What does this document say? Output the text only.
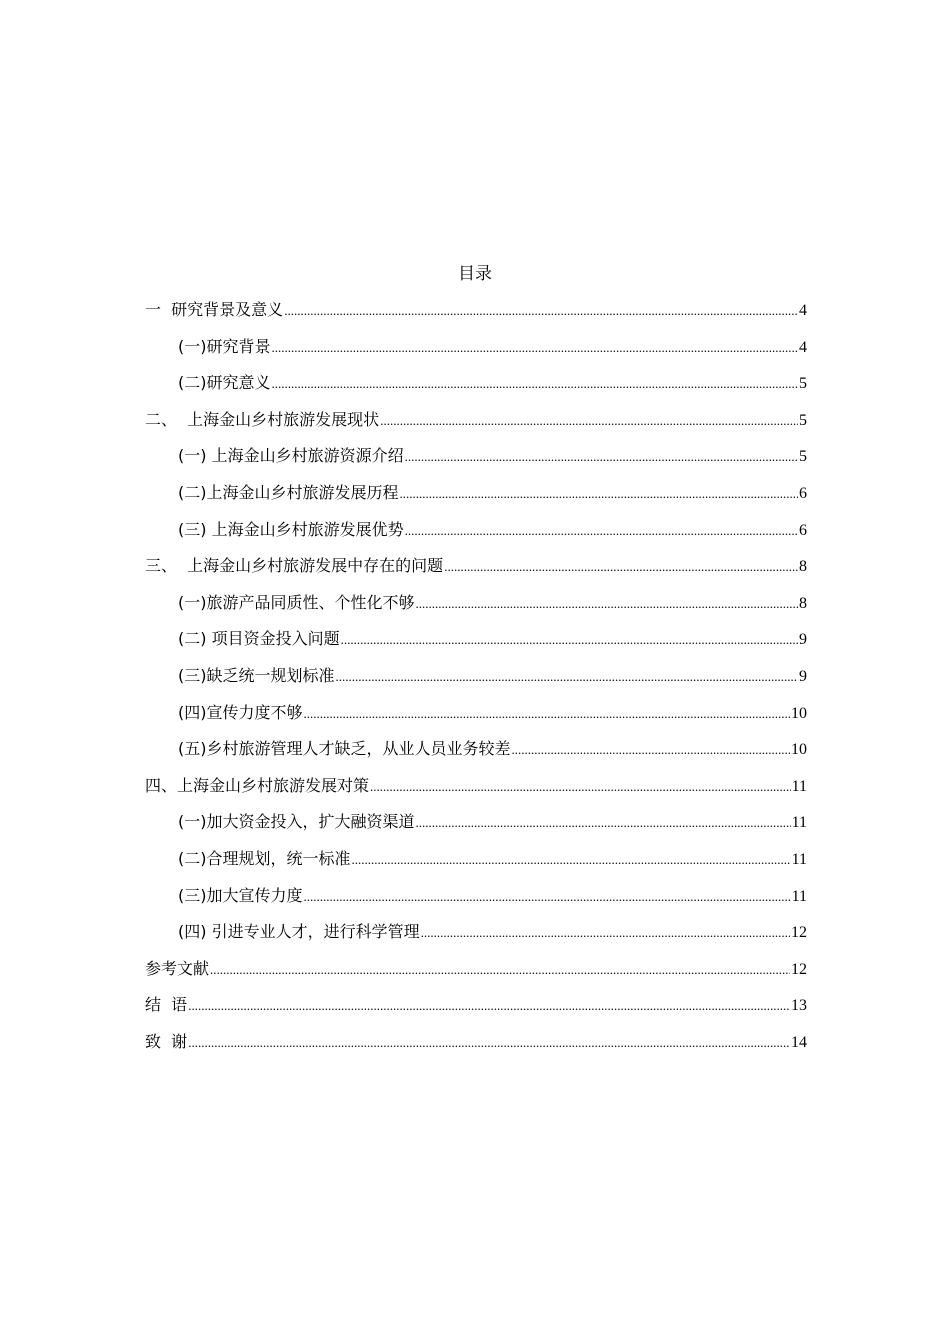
目录
一  研究背景及意义 .....	4
(一)研究背景 .....	4
(二)研究意义 .....	5
二、  上海金山乡村旅游发展现状 .....	5
(一) 上海金山乡村旅游资源介绍 .....	5
(二)上海金山乡村旅游发展历程 .....	6
(三) 上海金山乡村旅游发展优势 .....	6
三、  上海金山乡村旅游发展中存在的问题 .....	8
(一)旅游产品同质性、个性化不够 .....	8
(二) 项目资金投入问题 .....	9
(三)缺乏统一规划标准 .....	9
(四)宣传力度不够 .....	10
(五)乡村旅游管理人才缺乏，从业人员业务较差 .....	10
四、上海金山乡村旅游发展对策 .....	11
(一)加大资金投入，扩大融资渠道 .....	11
(二)合理规划，统一标准 .....	11
(三)加大宣传力度 .....	11
(四) 引进专业人才，进行科学管理 .....	12
参考文献 .....	12
结  语 .....	13
致  谢 .....	14
